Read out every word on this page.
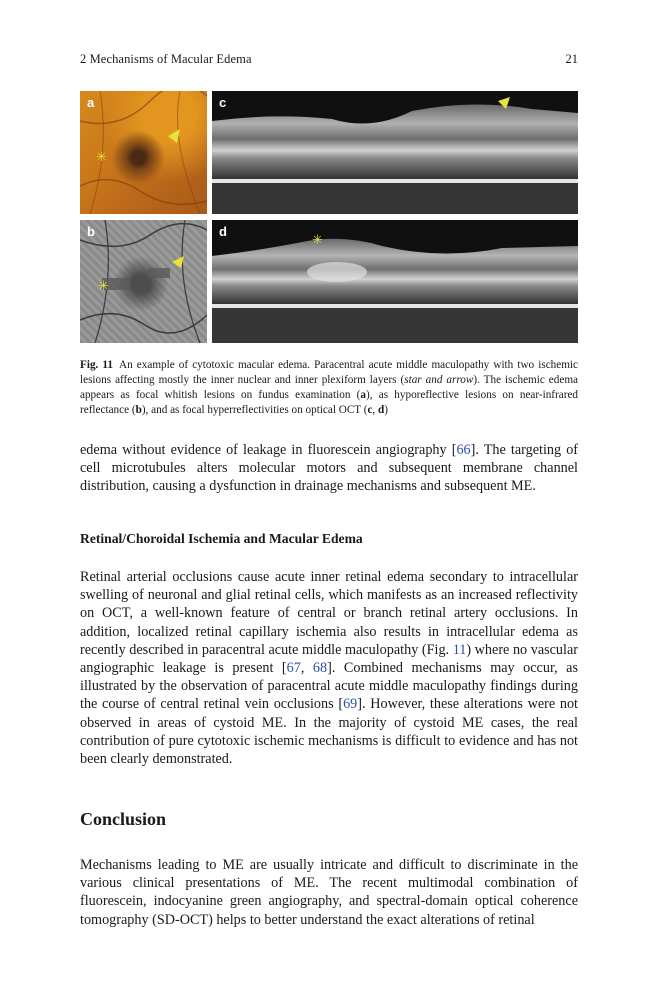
2 Mechanisms of Macular Edema	21
✳
a
✳
b
c
✳
d
Fig. 11 An example of cytotoxic macular edema. Paracentral acute middle maculopathy with two ischemic lesions affecting mostly the inner nuclear and inner plexiform layers (star and arrow). The ischemic edema appears as focal whitish lesions on fundus examination (a), as hyporeflective lesions on near-infrared reflectance (b), and as focal hyperreflectivities on optical OCT (c, d)
edema without evidence of leakage in fluorescein angiography [66]. The targeting of cell microtubules alters molecular motors and subsequent membrane channel distribution, causing a dysfunction in drainage mechanisms and subsequent ME.
Retinal/Choroidal Ischemia and Macular Edema
Retinal arterial occlusions cause acute inner retinal edema secondary to intracellular swelling of neuronal and glial retinal cells, which manifests as an increased reflectivity on OCT, a well-known feature of central or branch retinal artery occlusions. In addition, localized retinal capillary ischemia also results in intracellular edema as recently described in paracentral acute middle maculopathy (Fig. 11) where no vascular angiographic leakage is present [67, 68]. Combined mechanisms may occur, as illustrated by the observation of paracentral acute middle maculopathy findings during the course of central retinal vein occlusions [69]. However, these alterations were not observed in areas of cystoid ME. In the majority of cystoid ME cases, the real contribution of pure cytotoxic ischemic mechanisms is difficult to evidence and has not been clearly demonstrated.
Conclusion
Mechanisms leading to ME are usually intricate and difficult to discriminate in the various clinical presentations of ME. The recent multimodal combination of fluorescein, indocyanine green angiography, and spectral-domain optical coherence tomography (SD-OCT) helps to better understand the exact alterations of retinal
